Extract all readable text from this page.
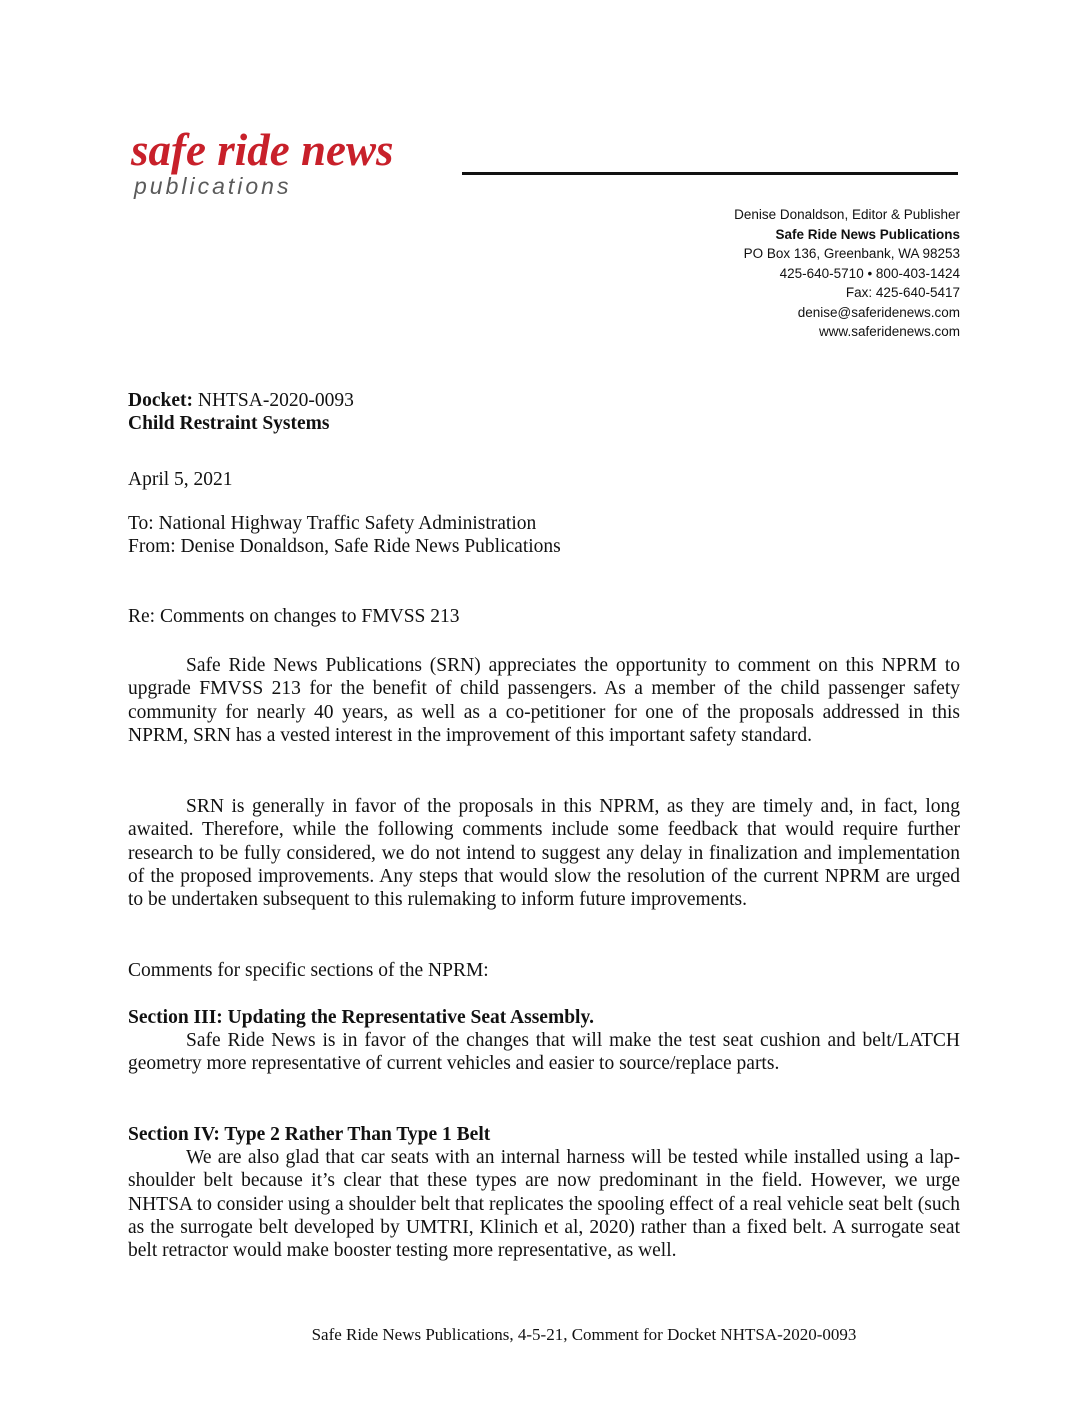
safe ride news
publications
Denise Donaldson, Editor & Publisher
Safe Ride News Publications
PO Box 136, Greenbank, WA 98253
425-640-5710 • 800-403-1424
Fax: 425-640-5417
denise@saferidenews.com
www.saferidenews.com
Docket: NHTSA-2020-0093
Child Restraint Systems
April 5, 2021
To: National Highway Traffic Safety Administration
From: Denise Donaldson, Safe Ride News Publications
Re: Comments on changes to FMVSS 213

Safe Ride News Publications (SRN) appreciates the opportunity to comment on this NPRM to upgrade FMVSS 213 for the benefit of child passengers. As a member of the child passenger safety community for nearly 40 years, as well as a co-petitioner for one of the proposals addressed in this NPRM, SRN has a vested interest in the improvement of this important safety standard.

SRN is generally in favor of the proposals in this NPRM, as they are timely and, in fact, long awaited. Therefore, while the following comments include some feedback that would require further research to be fully considered, we do not intend to suggest any delay in finalization and implementation of the proposed improvements. Any steps that would slow the resolution of the current NPRM are urged to be undertaken subsequent to this rulemaking to inform future improvements.

Comments for specific sections of the NPRM:
Section III: Updating the Representative Seat Assembly.

Safe Ride News is in favor of the changes that will make the test seat cushion and belt/LATCH geometry more representative of current vehicles and easier to source/replace parts.

Section IV: Type 2 Rather Than Type 1 Belt

We are also glad that car seats with an internal harness will be tested while installed using a lap-shoulder belt because it’s clear that these types are now predominant in the field. However, we urge NHTSA to consider using a shoulder belt that replicates the spooling effect of a real vehicle seat belt (such as the surrogate belt developed by UMTRI, Klinich et al, 2020) rather than a fixed belt. A surrogate seat belt retractor would make booster testing more representative, as well.

Safe Ride News Publications, 4-5-21, Comment for Docket NHTSA-2020-0093
